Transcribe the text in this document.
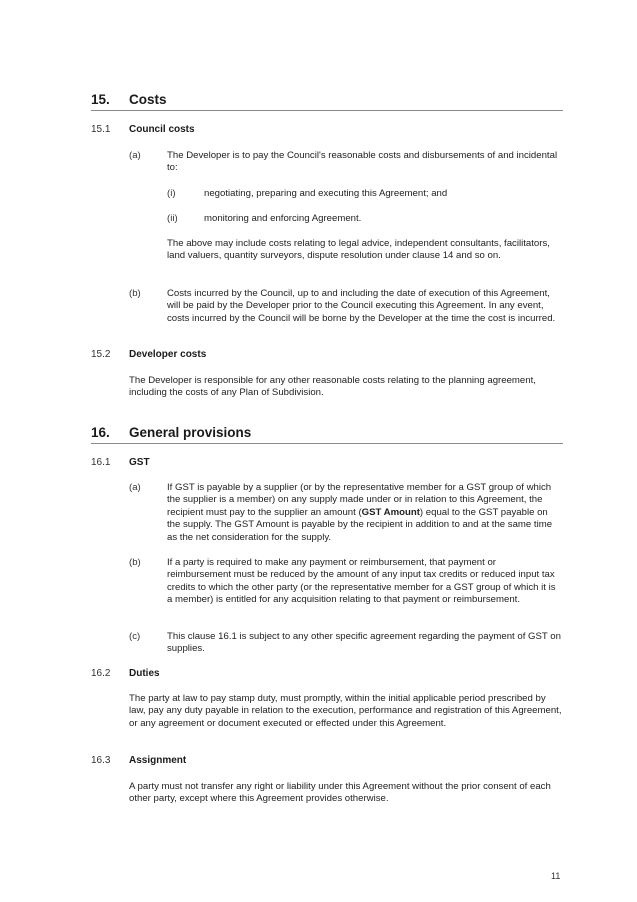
15. Costs
15.1 Council costs
(a)	The Developer is to pay the Council's reasonable costs and disbursements of and incidental to:

(i)	negotiating, preparing and executing this Agreement; and

(ii)	monitoring and enforcing Agreement.

The above may include costs relating to legal advice, independent consultants, facilitators, land valuers, quantity surveyors, dispute resolution under clause 14 and so on.

(b)	Costs incurred by the Council, up to and including the date of execution of this Agreement, will be paid by the Developer prior to the Council executing this Agreement. In any event, costs incurred by the Council will be borne by the Developer at the time the cost is incurred.

15.2 Developer costs

The Developer is responsible for any other reasonable costs relating to the planning agreement, including the costs of any Plan of Subdivision.

16. General provisions
16.1 GST
(a)	If GST is payable by a supplier (or by the representative member for a GST group of which the supplier is a member) on any supply made under or in relation to this Agreement, the recipient must pay to the supplier an amount (GST Amount) equal to the GST payable on the supply. The GST Amount is payable by the recipient in addition to and at the same time as the net consideration for the supply.

(b)	If a party is required to make any payment or reimbursement, that payment or reimbursement must be reduced by the amount of any input tax credits or reduced input tax credits to which the other party (or the representative member for a GST group of which it is a member) is entitled for any acquisition relating to that payment or reimbursement.

(c)	This clause 16.1 is subject to any other specific agreement regarding the payment of GST on supplies.

16.2 Duties

The party at law to pay stamp duty, must promptly, within the initial applicable period prescribed by law, pay any duty payable in relation to the execution, performance and registration of this Agreement, or any agreement or document executed or effected under this Agreement.

16.3 Assignment

A party must not transfer any right or liability under this Agreement without the prior consent of each other party, except where this Agreement provides otherwise.

11
